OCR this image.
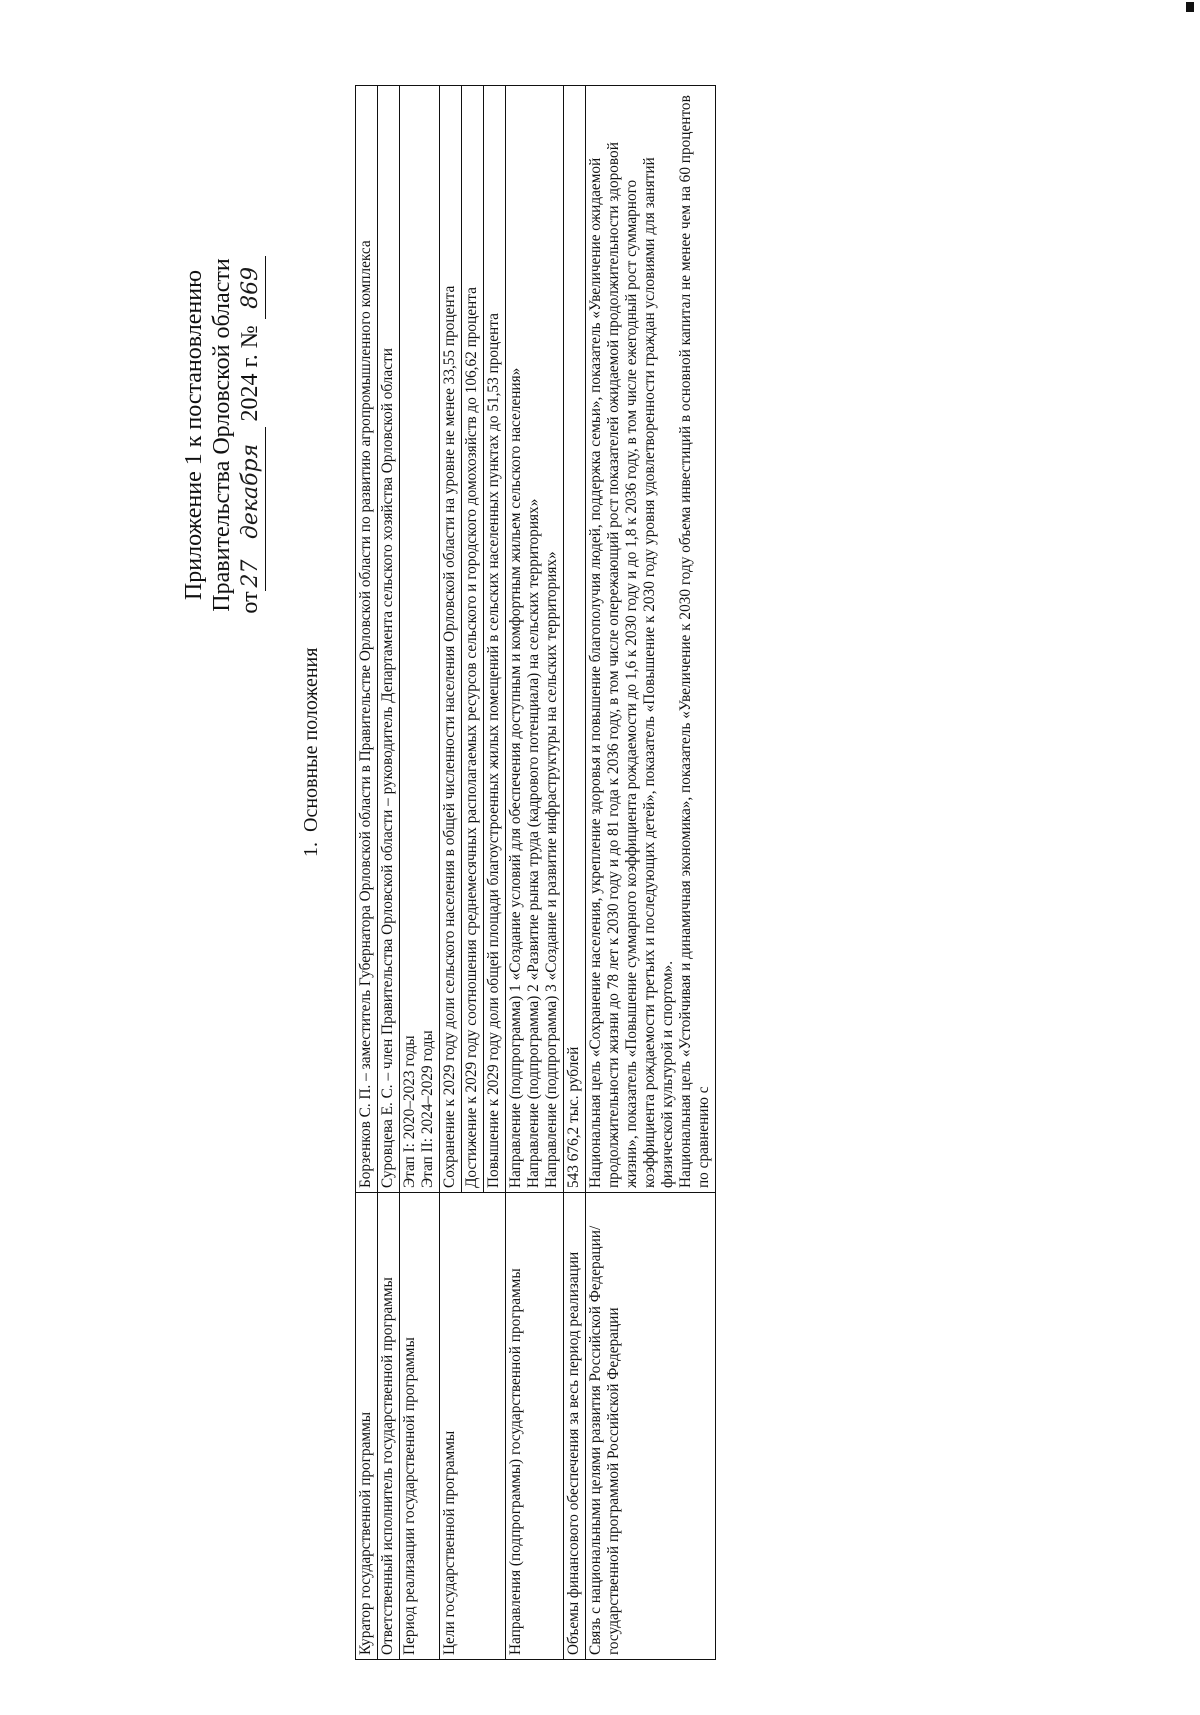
Приложение 1 к постановлению Правительства Орловской области от27декабря 2024 г. № 869
1.Основные положения
Куратор государственной программы	Борзенков С. П. – заместитель Губернатора Орловской области в Правительстве Орловской области по развитию агропромышленного комплекса
Ответственный исполнитель государственной программы	Суровцева Е. С. – член Правительства Орловской области – руководитель Департамента сельского хозяйства Орловской области
Период реализации государственной программы	Этап I: 2020–2023 годы Этап II: 2024–2029 годы

Цели государственной программы	Сохранение к 2029 году доли сельского населения в общей численности населения Орловской области на уровне не менее 33,55 процента
	Достижение к 2029 году соотношения среднемесячных располагаемых ресурсов сельского и городского домохозяйств до 106,62 процента
	Повышение к 2029 году доли общей площади благоустроенных жилых помещений в сельских населенных пунктах до 51,53 процента
Направления (подпрограммы) государственной программы	Направление (подпрограмма) 1 «Создание условий для обеспечения доступным и комфортным жильем сельского населения» Направление (подпрограмма) 2 «Развитие рынка труда (кадрового потенциала) на сельских территориях» Направление (подпрограмма) 3 «Создание и развитие инфраструктуры на сельских территориях»

Объемы финансового обеспечения за весь период реализации	543 676,2 тыс. рублей
Связь с национальными целями развития Российской Федерации/ государственной программой Российской Федерации	Национальная цель «Сохранение населения, укрепление здоровья и повышение благополучия людей, поддержка семьи», показатель «Увеличение ожидаемой продолжительности жизни до 78 лет к 2030 году и до 81 года к 2036 году, в том числе опережающий рост показателей ожидаемой продолжительности здоровой жизни», показатель «Повышение суммарного коэффициента рождаемости до 1,6 к 2030 году и до 1,8 к 2036 году, в том числе ежегодный рост суммарного коэффициента рождаемости третьих и последующих детей», показатель «Повышение к 2030 году уровня удовлетворенности граждан условиями для занятий физической культурой и спортом». Национальная цель «Устойчивая и динамичная экономика», показатель «Увеличение к 2030 году объема инвестиций в основной капитал не менее чем на 60 процентов по сравнению с
